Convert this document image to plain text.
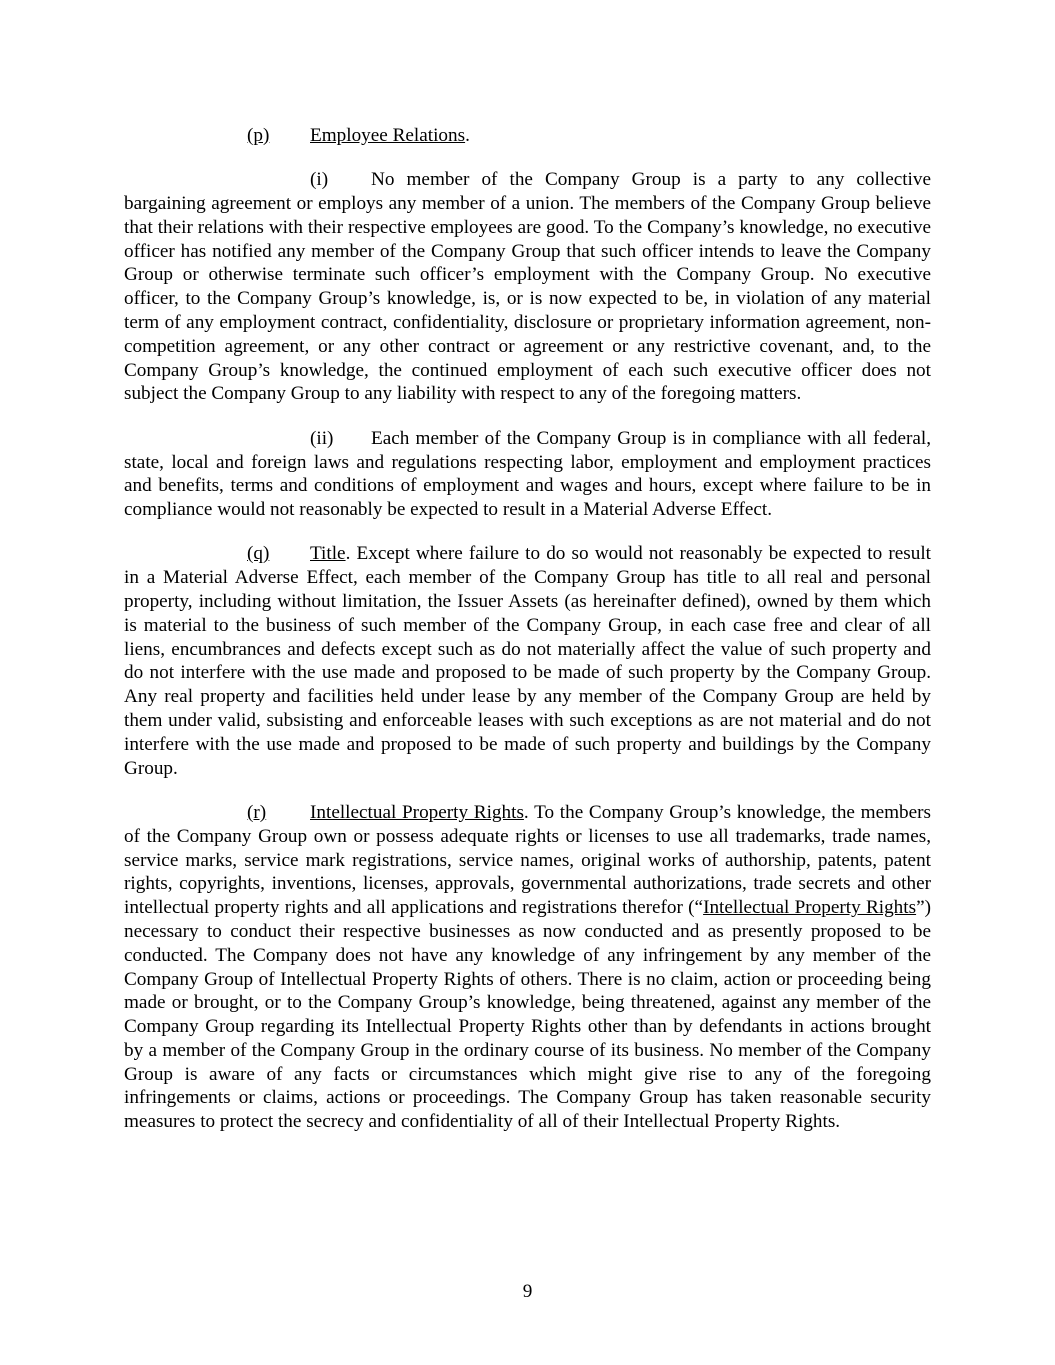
(p) Employee Relations.

(i) No member of the Company Group is a party to any collective bargaining agreement or employs any member of a union. The members of the Company Group believe that their relations with their respective employees are good. To the Company’s knowledge, no executive officer has notified any member of the Company Group that such officer intends to leave the Company Group or otherwise terminate such officer’s employment with the Company Group. No executive officer, to the Company Group’s knowledge, is, or is now expected to be, in violation of any material term of any employment contract, confidentiality, disclosure or proprietary information agreement, non-competition agreement, or any other contract or agreement or any restrictive covenant, and, to the Company Group’s knowledge, the continued employment of each such executive officer does not subject the Company Group to any liability with respect to any of the foregoing matters.

(ii) Each member of the Company Group is in compliance with all federal, state, local and foreign laws and regulations respecting labor, employment and employment practices and benefits, terms and conditions of employment and wages and hours, except where failure to be in compliance would not reasonably be expected to result in a Material Adverse Effect.

(q) Title. Except where failure to do so would not reasonably be expected to result in a Material Adverse Effect, each member of the Company Group has title to all real and personal property, including without limitation, the Issuer Assets (as hereinafter defined), owned by them which is material to the business of such member of the Company Group, in each case free and clear of all liens, encumbrances and defects except such as do not materially affect the value of such property and do not interfere with the use made and proposed to be made of such property by the Company Group. Any real property and facilities held under lease by any member of the Company Group are held by them under valid, subsisting and enforceable leases with such exceptions as are not material and do not interfere with the use made and proposed to be made of such property and buildings by the Company Group.

(r) Intellectual Property Rights. To the Company Group’s knowledge, the members of the Company Group own or possess adequate rights or licenses to use all trademarks, trade names, service marks, service mark registrations, service names, original works of authorship, patents, patent rights, copyrights, inventions, licenses, approvals, governmental authorizations, trade secrets and other intellectual property rights and all applications and registrations therefor (“Intellectual Property Rights”) necessary to conduct their respective businesses as now conducted and as presently proposed to be conducted. The Company does not have any knowledge of any infringement by any member of the Company Group of Intellectual Property Rights of others. There is no claim, action or proceeding being made or brought, or to the Company Group’s knowledge, being threatened, against any member of the Company Group regarding its Intellectual Property Rights other than by defendants in actions brought by a member of the Company Group in the ordinary course of its business. No member of the Company Group is aware of any facts or circumstances which might give rise to any of the foregoing infringements or claims, actions or proceedings. The Company Group has taken reasonable security measures to protect the secrecy and confidentiality of all of their Intellectual Property Rights.

9
